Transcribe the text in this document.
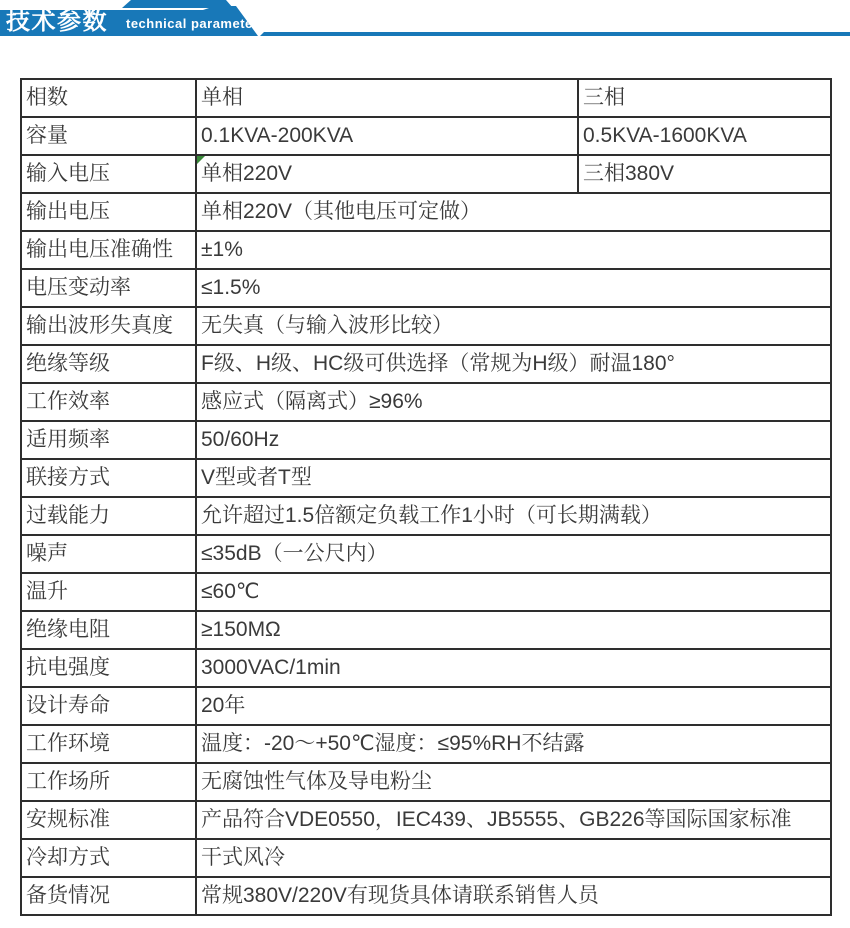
技术参数 technical parameter
相数	单相	三相
容量	0.1KVA-200KVA	0.5KVA-1600KVA
输入电压	单相220V	三相380V
输出电压	单相220V（其他电压可定做）	
输出电压准确性	±1%	
电压变动率	≤1.5%	
输出波形失真度	无失真（与输入波形比较）	
绝缘等级	F级、H级、HC级可供选择（常规为H级）耐温180°	
工作效率	感应式（隔离式）≥96%	
适用频率	50/60Hz	
联接方式	V型或者T型	
过载能力	允许超过1.5倍额定负载工作1小时（可长期满载）	
噪声	≤35dB（一公尺内）	
温升	≤60℃	
绝缘电阻	≥150MΩ	
抗电强度	3000VAC/1min	
设计寿命	20年	
工作环境	温度：-20～+50℃湿度：≤95%RH不结露	
工作场所	无腐蚀性气体及导电粉尘	
安规标准	产品符合VDE0550，IEC439、JB5555、GB226等国际国家标准	
冷却方式	干式风冷	
备货情况	常规380V/220V有现货具体请联系销售人员	
